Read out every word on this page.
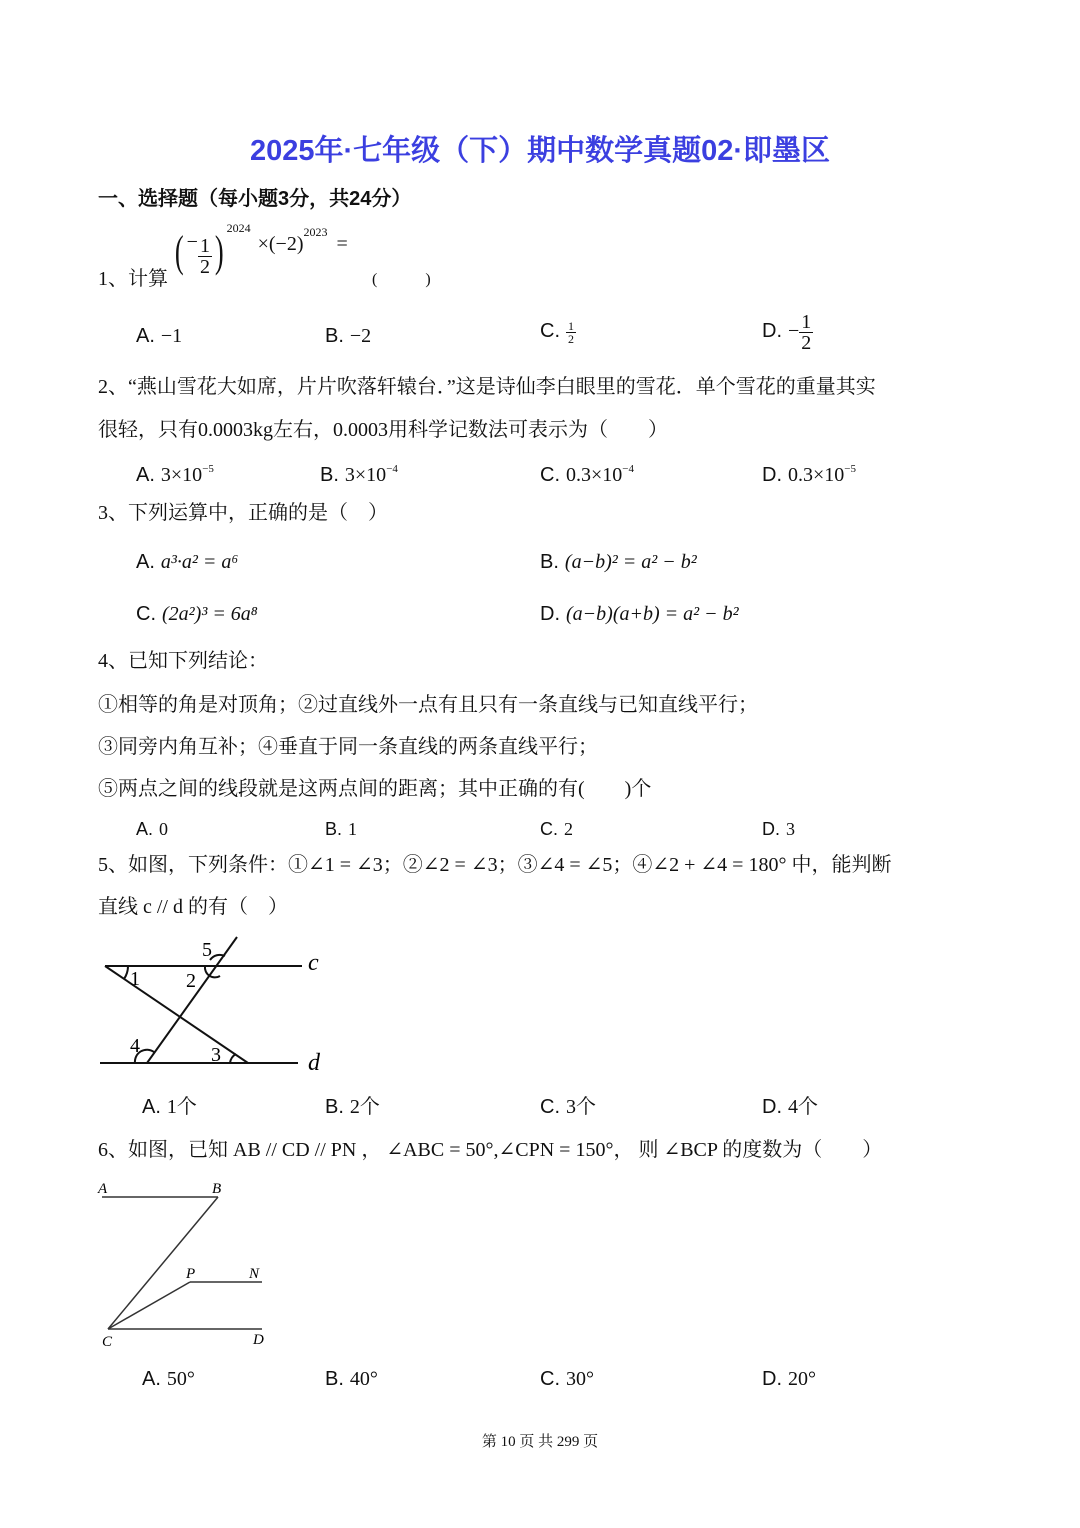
2025年·七年级（下）期中数学真题02·即墨区
一、选择题（每小题3分，共24分）
1、计算
( − $\frac{1}{2}$ ) $^{2024} \times(-2)^{2023}$ =
(　　　)
A. −1	B. −2	C. $\frac{1}{2}$	D. − $\frac{1}{2}$
2、“燕山雪花大如席，片片吹落轩辕台．”这是诗仙李白眼里的雪花．单个雪花的重量其实
很轻，只有0.0003kg左右，0.0003用科学记数法可表示为（　　）
A. $3\times 10^{-5}$	B. $3\times 10^{-4}$	C. $0.3\times 10^{-4}$	D. $0.3\times 10^{-5}$
3、下列运算中，正确的是（　）
A. a³·a² = a⁶	B. (a−b)² = a² − b²
C. (2a²)³ = 6a⁸	D. (a−b)(a+b) = a² − b²
4、已知下列结论：
①相等的角是对顶角；②过直线外一点有且只有一条直线与已知直线平行；
③同旁内角互补；④垂直于同一条直线的两条直线平行；
⑤两点之间的线段就是这两点间的距离；其中正确的有(　　)个
A. 0	B. 1	C. 2	D. 3
5、如图，下列条件：①∠1 = ∠3；②∠2 = ∠3；③∠4 = ∠5；④∠2 + ∠4 = 180° 中，能判断
直线 c // d 的有（　）
5
1 2
4	3
c
d
A. 1个	B. 2个	C. 3个	D. 4个
6、如图，已知 AB // CD // PN ， ∠ABC = 50°,∠CPN = 150°， 则 ∠BCP 的度数为（　　）
A	B
P	N
C	D
A. 50°	B. 40°	C. 30°	D. 20°
第 10 页 共 299 页
